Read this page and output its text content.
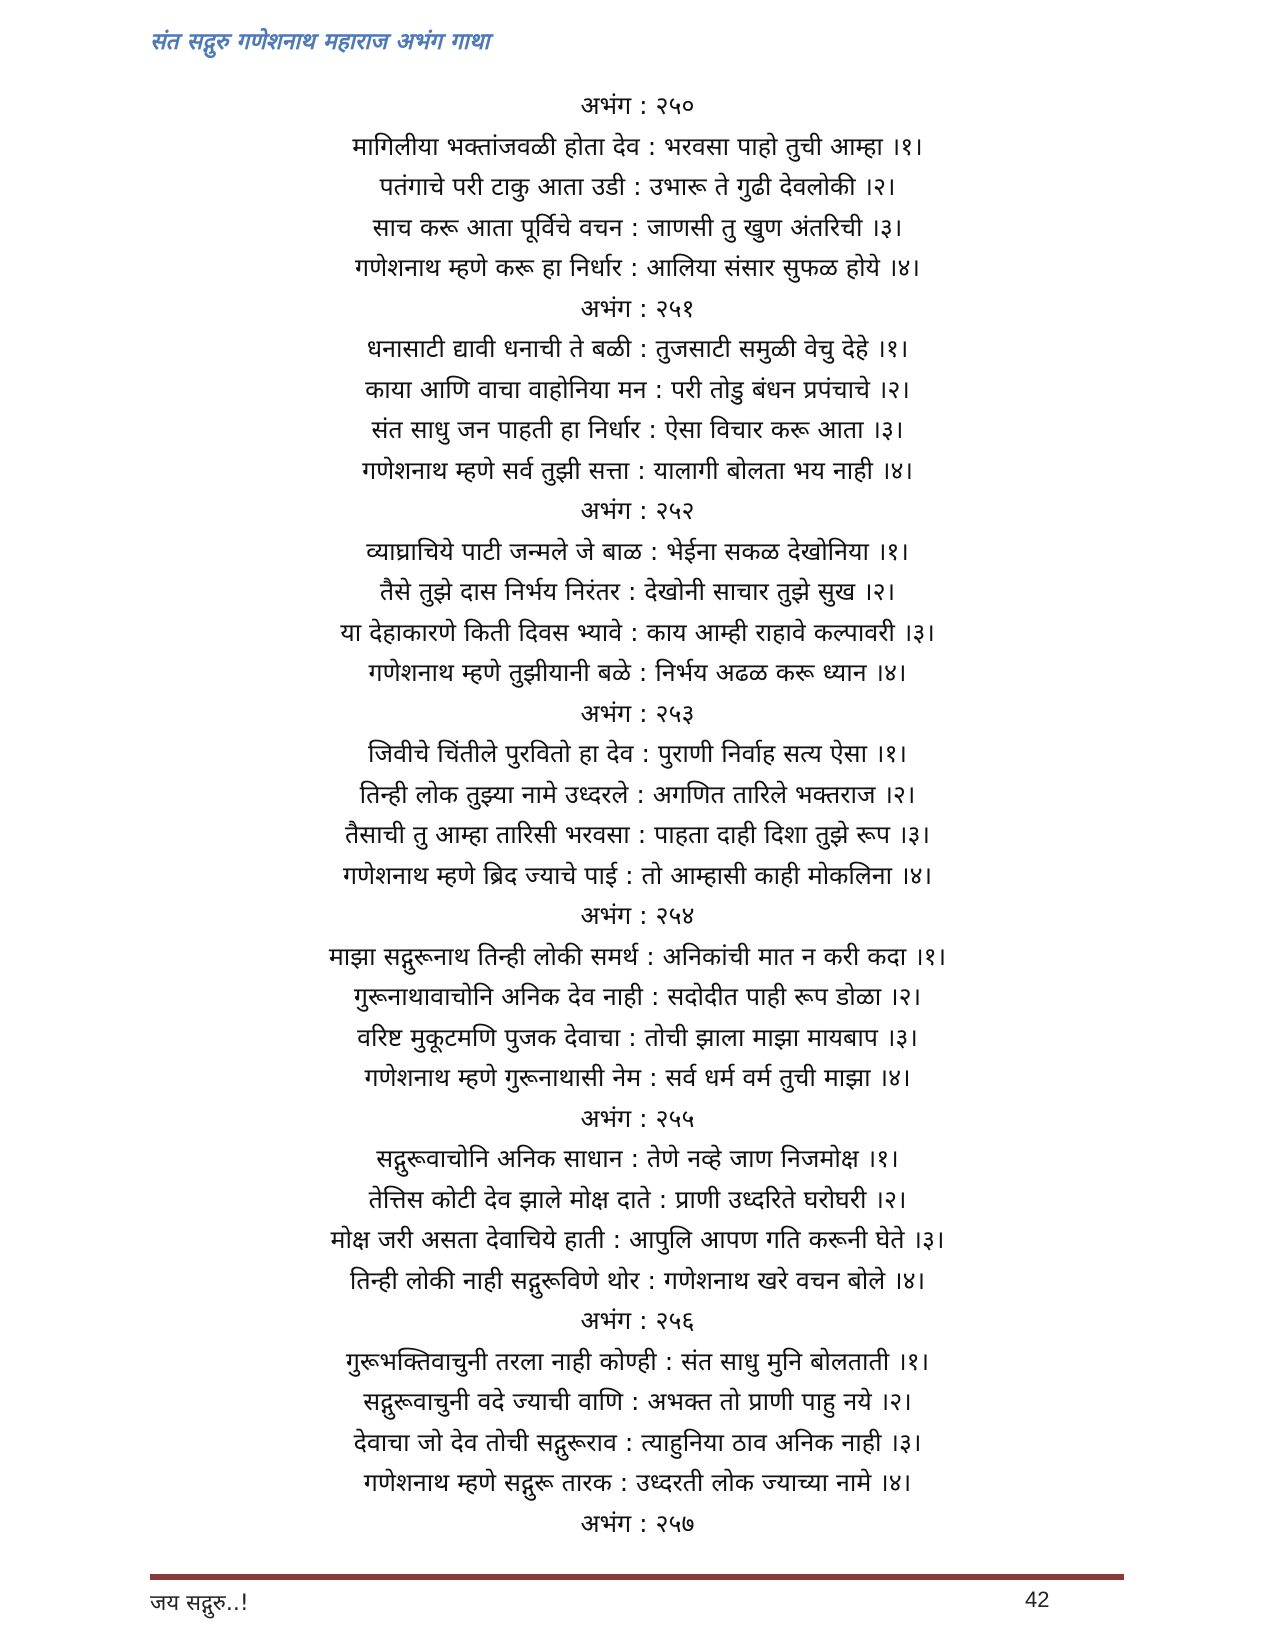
संत सद्गुरु गणेशनाथ महाराज अभंग गाथा
अभंग : २५०
मागिलीया भक्तांजवळी होता देव : भरवसा पाहो तुची आम्हा ।१।
पतंगाचे परी टाकु आता उडी : उभारू ते गुढी देवलोकी ।२।
साच करू आता पूर्विचे वचन : जाणसी तु खुण अंतरिची ।३।
गणेशनाथ म्हणे करू हा निर्धार : आलिया संसार सुफळ होये ।४।
अभंग : २५१
धनासाटी द्यावी धनाची ते बळी : तुजसाटी समुळी वेचु देहे ।१।
काया आणि वाचा वाहोनिया मन : परी तोडु बंधन प्रपंचाचे ।२।
संत साधु जन पाहती हा निर्धार : ऐसा विचार करू आता ।३।
गणेशनाथ म्हणे सर्व तुझी सत्ता : यालागी बोलता भय नाही ।४।
अभंग : २५२
व्याघ्राचिये पाटी जन्मले जे बाळ : भेईना सकळ देखोनिया ।१।
तैसे तुझे दास निर्भय निरंतर : देखोनी साचार तुझे सुख ।२।
या देहाकारणे किती दिवस भ्यावे : काय आम्ही राहावे कल्पावरी ।३।
गणेशनाथ म्हणे तुझीयानी बळे : निर्भय अढळ करू ध्यान ।४।
अभंग : २५३
जिवीचे चिंतीले पुरवितो हा देव : पुराणी निर्वाह सत्य ऐसा ।१।
तिन्ही लोक तुझ्या नामे उध्दरले : अगणित तारिले भक्तराज ।२।
तैसाची तु आम्हा तारिसी भरवसा : पाहता दाही दिशा तुझे रूप ।३।
गणेशनाथ म्हणे ब्रिद ज्याचे पाई : तो आम्हासी काही मोकलिना ।४।
अभंग : २५४
माझा सद्गुरूनाथ तिन्ही लोकी समर्थ : अनिकांची मात न करी कदा ।१।
गुरूनाथावाचोनि अनिक देव नाही : सदोदीत पाही रूप डोळा ।२।
वरिष्ट मुकूटमणि पुजक देवाचा : तोची झाला माझा मायबाप ।३।
गणेशनाथ म्हणे गुरूनाथासी नेम : सर्व धर्म वर्म तुची माझा ।४।
अभंग : २५५
सद्गुरूवाचोनि अनिक साधान : तेणे नव्हे जाण निजमोक्ष ।१।
तेत्तिस कोटी देव झाले मोक्ष दाते : प्राणी उध्दरिते घरोघरी ।२।
मोक्ष जरी असता देवाचिये हाती : आपुलि आपण गति करूनी घेते ।३।
तिन्ही लोकी नाही सद्गुरूविणे थोर : गणेशनाथ खरे वचन बोले ।४।
अभंग : २५६
गुरूभक्तिवाचुनी तरला नाही कोण्ही : संत साधु मुनि बोलताती ।१।
सद्गुरूवाचुनी वदे ज्याची वाणि : अभक्त तो प्राणी पाहु नये ।२।
देवाचा जो देव तोची सद्गुरूराव : त्याहुनिया ठाव अनिक नाही ।३।
गणेशनाथ म्हणे सद्गुरू तारक : उध्दरती लोक ज्याच्या नामे ।४।
अभंग : २५७
जय सद्गुरु..!	42
